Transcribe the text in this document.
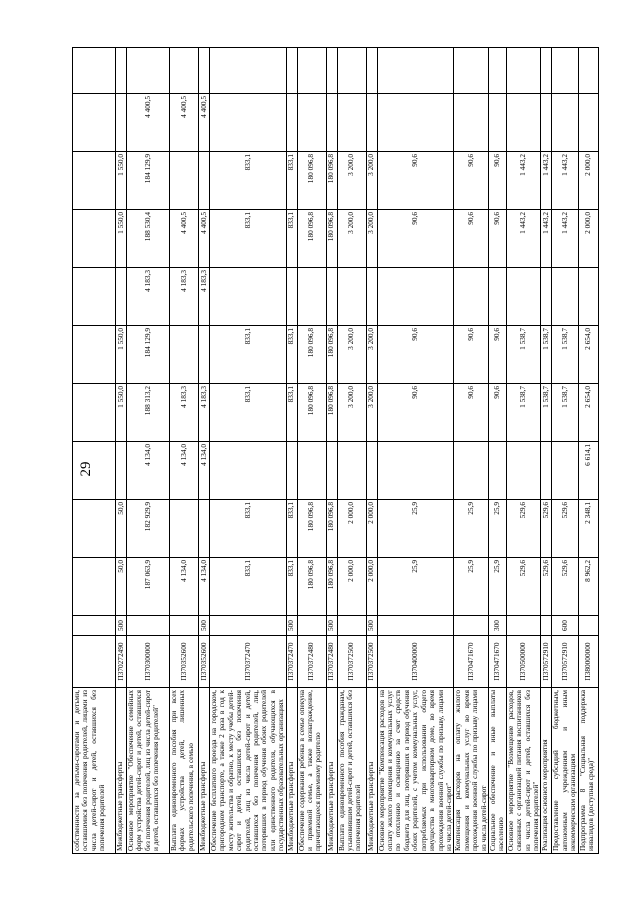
29
собственности за детьми-сиротами и детьми, оставшимися без попечения родителей, лицами из числа детей-сирот и детей, оставшихся без попечения родителей												
Межбюджетные трансферты	П370272490	500	50,0	50,0		1 550,0	1 550,0		1 550,0	1 550,0		
Основное мероприятие "Обеспечение семейных форм устройства детей-сирот и детей, оставшихся без попечения родителей, лиц из числа детей-сирот и детей, оставшихся без попечения родителей"	П370300000		187 063,9	182 929,9	4 134,0	188 313,2	184 129,9	4 183,3	188 530,4	184 129,9	4 400,5	
Выплата единовременного пособия при всех формах устройства детей, лишенных родительского попечения, в семью	П370352600		4 134,0		4 134,0	4 183,3		4 183,3	4 400,5		4 400,5	
Межбюджетные трансферты	П370352600	500	4 134,0		4 134,0	4 183,3		4 183,3	4 400,5		4 400,5	
Обеспечение бесплатного проезда на городском, пригородном транспорте, а также 2 раза в год к месту жительства и обратно, к месту учебы детей-сирот и детей, оставшихся без попечения родителей, лиц из числа детей-сирот и детей, оставшихся без попечения родителей, лиц, потерявших в период обучения обоих родителей или единственного родителя, обучающихся в государственных образовательных организациях	П370372470		833,1	833,1		833,1	833,1		833,1	833,1		
Межбюджетные трансферты	П370372470	500	833,1	833,1		833,1	833,1		833,1	833,1		
Обеспечение содержания ребенка в семье опекуна и приемной семье, а также вознаграждение, причитающееся приемному родителю	П370372480		180 096,8	180 096,8		180 096,8	180 096,8		180 096,8	180 096,8		
Межбюджетные трансферты	П370372480	500	180 096,8	180 096,8		180 096,8	180 096,8		180 096,8	180 096,8		
Выплата единовременного пособия гражданам, усыновившим детей-сирот и детей, оставшихся без попечения родителей	П370372500		2 000,0	2 000,0		3 200,0	3 200,0		3 200,0	3 200,0		
Межбюджетные трансферты	П370372500	500	2 000,0	2 000,0		3 200,0	3 200,0		3 200,0	3 200,0		
Основное мероприятие "Компенсация расходов на оплату жилого помещения и коммунальных услуг по отоплению и освещению за счет средств бюджета для лиц, потерявших в период обучения обоих родителей, с учетом коммунальных услуг, потребляемых при использовании общего имущества в многоквартирном доме, во время прохождения военной службы по призыву, лицами из числа детей-сирот"	П370400000		25,9	25,9		90,6	90,6		90,6	90,6		
Компенсация расходов на оплату жилого помещения и коммунальных услуг во время прохождения военной службы по призыву лицами из числа детей-сирот	П370471670		25,9	25,9		90,6	90,6		90,6	90,6		
Социальное обеспечение и иные выплаты населению	П370471670	300	25,9	25,9		90,6	90,6		90,6	90,6		
Основное мероприятие "Возмещение расходов, связанных с организацией питания воспитанников из числа детей-сирот и детей, оставшихся без попечения родителей"	П370500000		529,6	529,6		1 538,7	1 538,7		1 443,2	1 443,2		
Реализация основного мероприятия	П370572910		529,6	529,6		1 538,7	1 538,7		1 443,2	1 443,2		
Предоставление субсидий бюджетным, автономным учреждениям и иным некоммерческим организациям	П370572910	600	529,6	529,6		1 538,7	1 538,7		1 443,2	1 443,2		
Подпрограмма 8 "Социальная поддержка инвалидов (доступная среда)"	П380000000		8 962,2	2 348,1	6 614,1	2 654,0	2 654,0		2 000,0	2 000,0		
